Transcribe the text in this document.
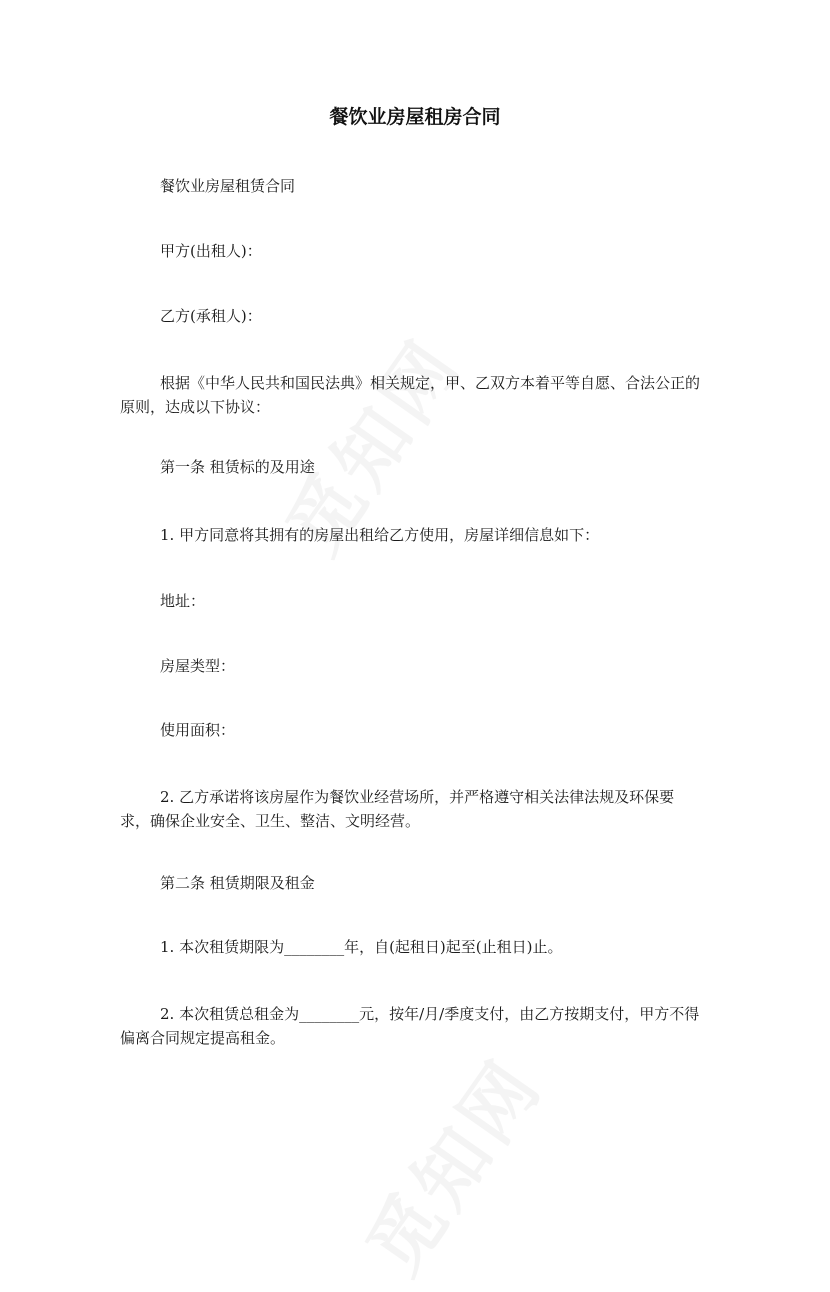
餐饮业房屋租房合同
餐饮业房屋租赁合同
甲方(出租人)：
乙方(承租人)：
根据《中华人民共和国民法典》相关规定，甲、乙双方本着平等自愿、合法公正的原则，达成以下协议：
第一条 租赁标的及用途
1. 甲方同意将其拥有的房屋出租给乙方使用，房屋详细信息如下：
地址：
房屋类型：
使用面积：
2. 乙方承诺将该房屋作为餐饮业经营场所，并严格遵守相关法律法规及环保要求，确保企业安全、卫生、整洁、文明经营。
第二条 租赁期限及租金
1. 本次租赁期限为________年，自(起租日)起至(止租日)止。
2. 本次租赁总租金为________元，按年/月/季度支付，由乙方按期支付，甲方不得偏离合同规定提高租金。
